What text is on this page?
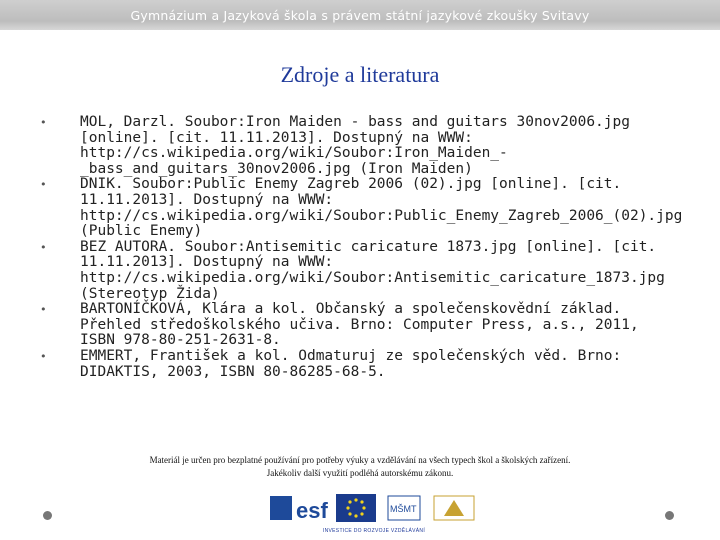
Gymnázium a Jazyková škola s právem státní jazykové zkoušky Svitavy
Zdroje a literatura
• MOL, Darzl. Soubor:Iron Maiden - bass and guitars 30nov2006.jpg [online]. [cit. 11.11.2013]. Dostupný na WWW: http://cs.wikipedia.org/wiki/Soubor:Iron_Maiden_-_bass_and_guitars_30nov2006.jpg (Iron Maiden)
• DNIK. Soubor:Public Enemy Zagreb 2006 (02).jpg [online]. [cit. 11.11.2013]. Dostupný na WWW: http://cs.wikipedia.org/wiki/Soubor:Public_Enemy_Zagreb_2006_(02).jpg (Public Enemy)
• BEZ AUTORA. Soubor:Antisemitic caricature 1873.jpg [online]. [cit. 11.11.2013]. Dostupný na WWW: http://cs.wikipedia.org/wiki/Soubor:Antisemitic_caricature_1873.jpg (Stereotyp Žida)
• BARTONÍČKOVÁ, Klára a kol. Občanský a společenskovědní základ. Přehled středoškolského učiva. Brno: Computer Press, a.s., 2011, ISBN 978-80-251-2631-8.
• EMMERT, František a kol. Odmaturuj ze společenských věd. Brno: DIDAKTIS, 2003, ISBN 80-86285-68-5.
Materiál je určen pro bezplatné používání pro potřeby výuky a vzdělávání na všech typech škol a školských zařízení.
Jakékoliv další využití podléhá autorskému zákonu.
esf	MŠMT
INVESTICE DO ROZVOJE VZDĚLÁVÁNÍ
